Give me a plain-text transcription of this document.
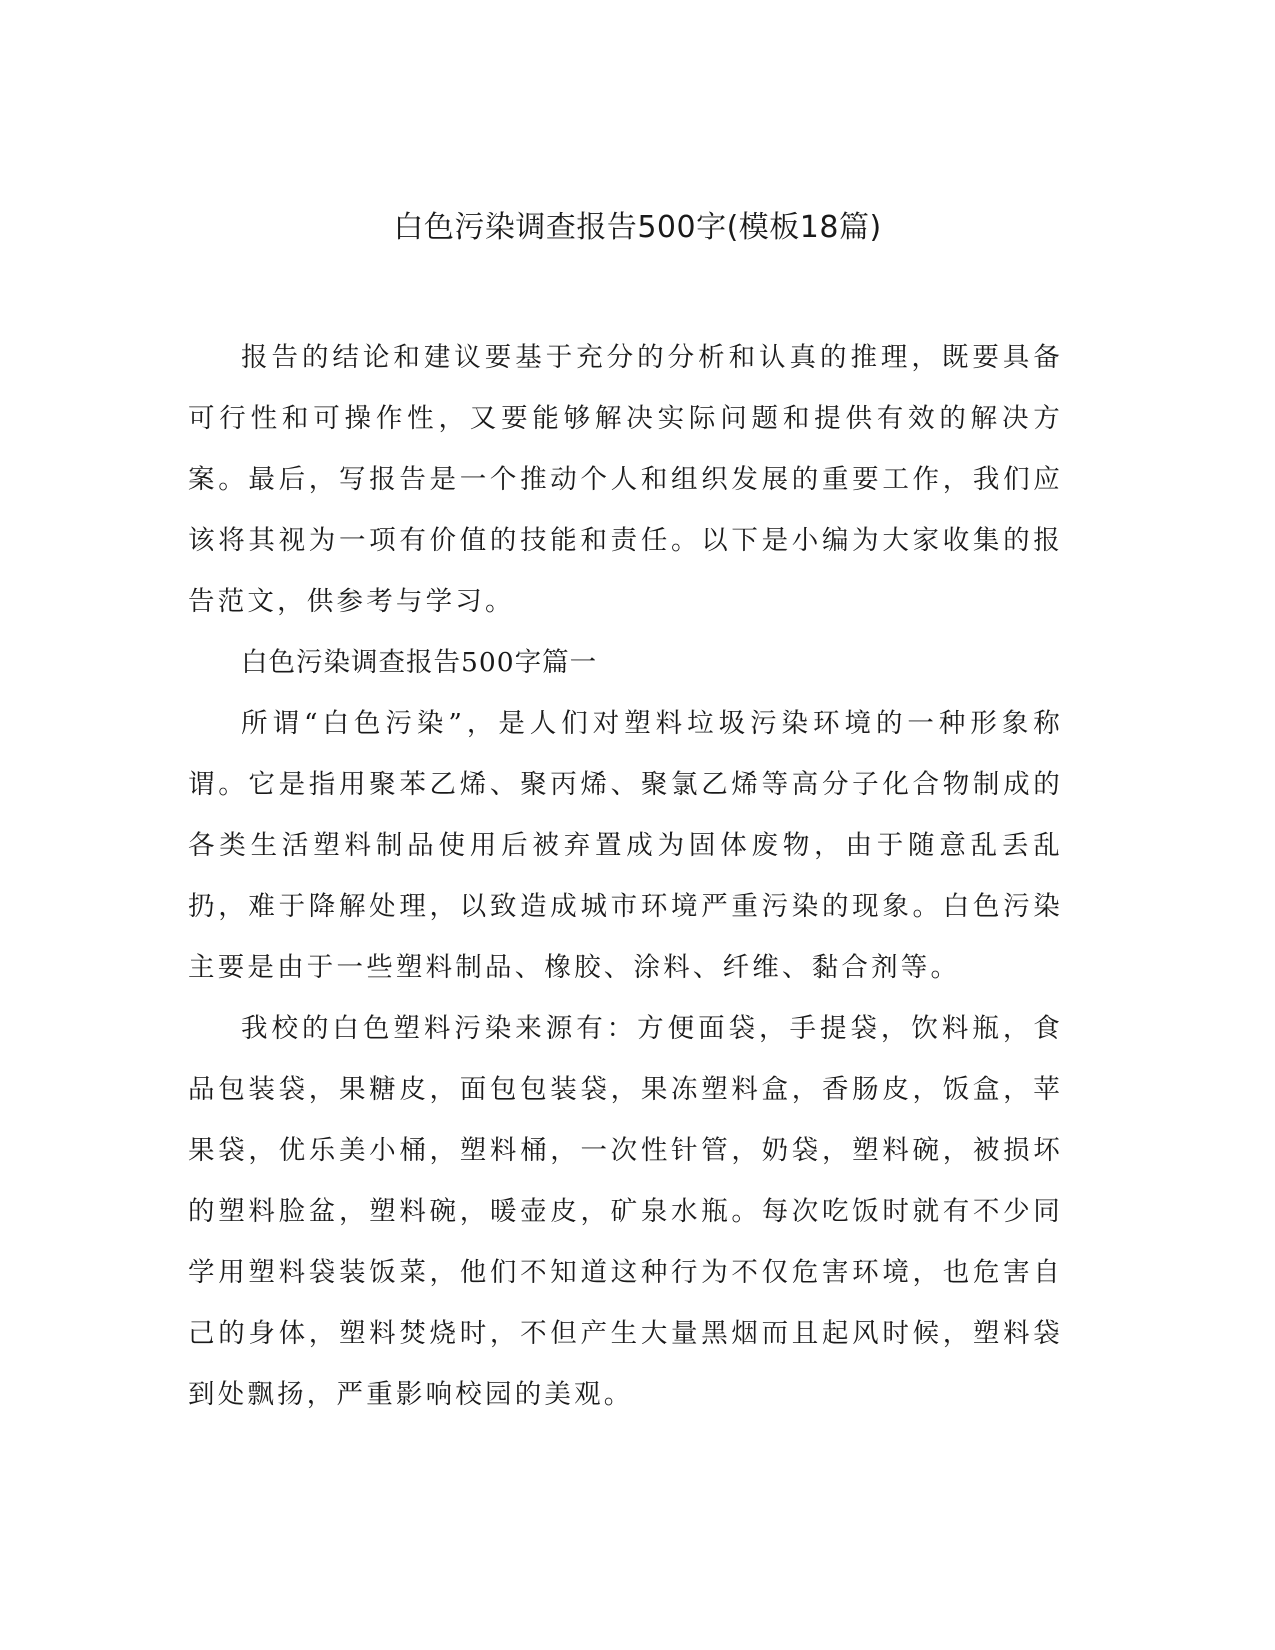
白色污染调查报告500字(模板18篇)

报告的结论和建议要基于充分的分析和认真的推理，既要具备可行性和可操作性，又要能够解决实际问题和提供有效的解决方案。最后，写报告是一个推动个人和组织发展的重要工作，我们应该将其视为一项有价值的技能和责任。以下是小编为大家收集的报告范文，供参考与学习。

白色污染调查报告500字篇一

所谓“白色污染”，是人们对塑料垃圾污染环境的一种形象称谓。它是指用聚苯乙烯、聚丙烯、聚氯乙烯等高分子化合物制成的各类生活塑料制品使用后被弃置成为固体废物，由于随意乱丢乱扔，难于降解处理，以致造成城市环境严重污染的现象。白色污染主要是由于一些塑料制品、橡胶、涂料、纤维、黏合剂等。

我校的白色塑料污染来源有：方便面袋，手提袋，饮料瓶，食品包装袋，果糖皮，面包包装袋，果冻塑料盒，香肠皮，饭盒，苹果袋，优乐美小桶，塑料桶，一次性针管，奶袋，塑料碗，被损坏的塑料脸盆，塑料碗，暖壶皮，矿泉水瓶。每次吃饭时就有不少同学用塑料袋装饭菜，他们不知道这种行为不仅危害环境，也危害自己的身体，塑料焚烧时，不但产生大量黑烟而且起风时候，塑料袋到处飘扬，严重影响校园的美观。
